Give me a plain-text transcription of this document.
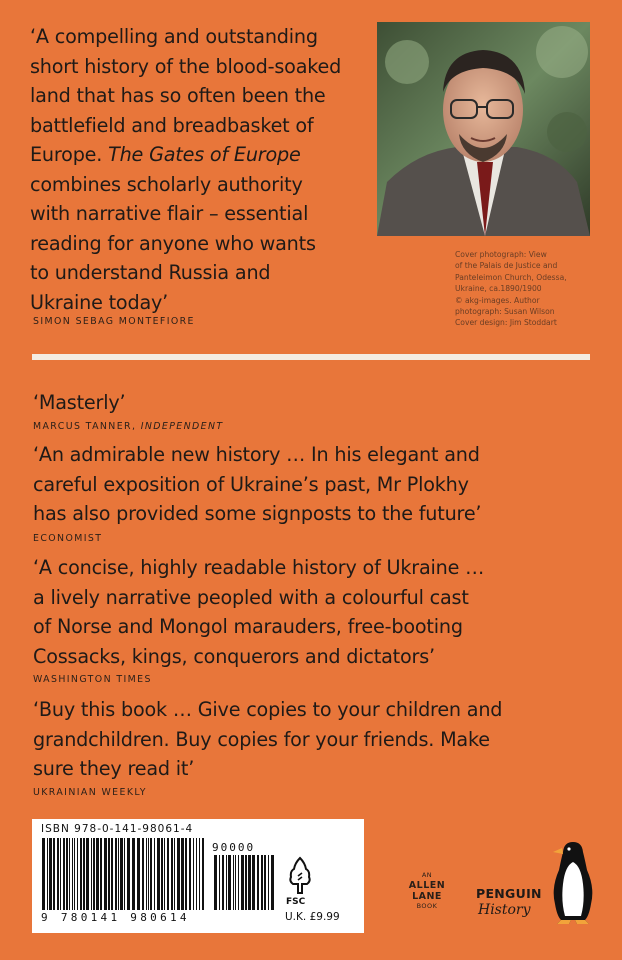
‘A compelling and outstanding
short history of the blood-soaked
land that has so often been the
battlefield and breadbasket of
Europe. The Gates of Europe
combines scholarly authority
with narrative flair – essential
reading for anyone who wants
to understand Russia and
Ukraine today’
SIMON SEBAG MONTEFIORE
Cover photograph: View
of the Palais de Justice and
Panteleimon Church, Odessa,
Ukraine, ca.1890/1900
© akg-images. Author
photograph: Susan Wilson
Cover design: Jim Stoddart
‘Masterly’
MARCUS TANNER, INDEPENDENT
‘An admirable new history … In his elegant and
careful exposition of Ukraine’s past, Mr Plokhy
has also provided some signposts to the future’
ECONOMIST
‘A concise, highly readable history of Ukraine …
a lively narrative peopled with a colourful cast
of Norse and Mongol marauders, free-booting
Cossacks, kings, conquerors and dictators’
WASHINGTON TIMES
‘Buy this book … Give copies to your children and
grandchildren. Buy copies for your friends. Make
sure they read it’
UKRAINIAN WEEKLY
ISBN 978-0-141-98061-4
90000
9 780141 980614
FSC
U.K. £9.99
AN
ALLEN
LANE
BOOK
PENGUIN
History
